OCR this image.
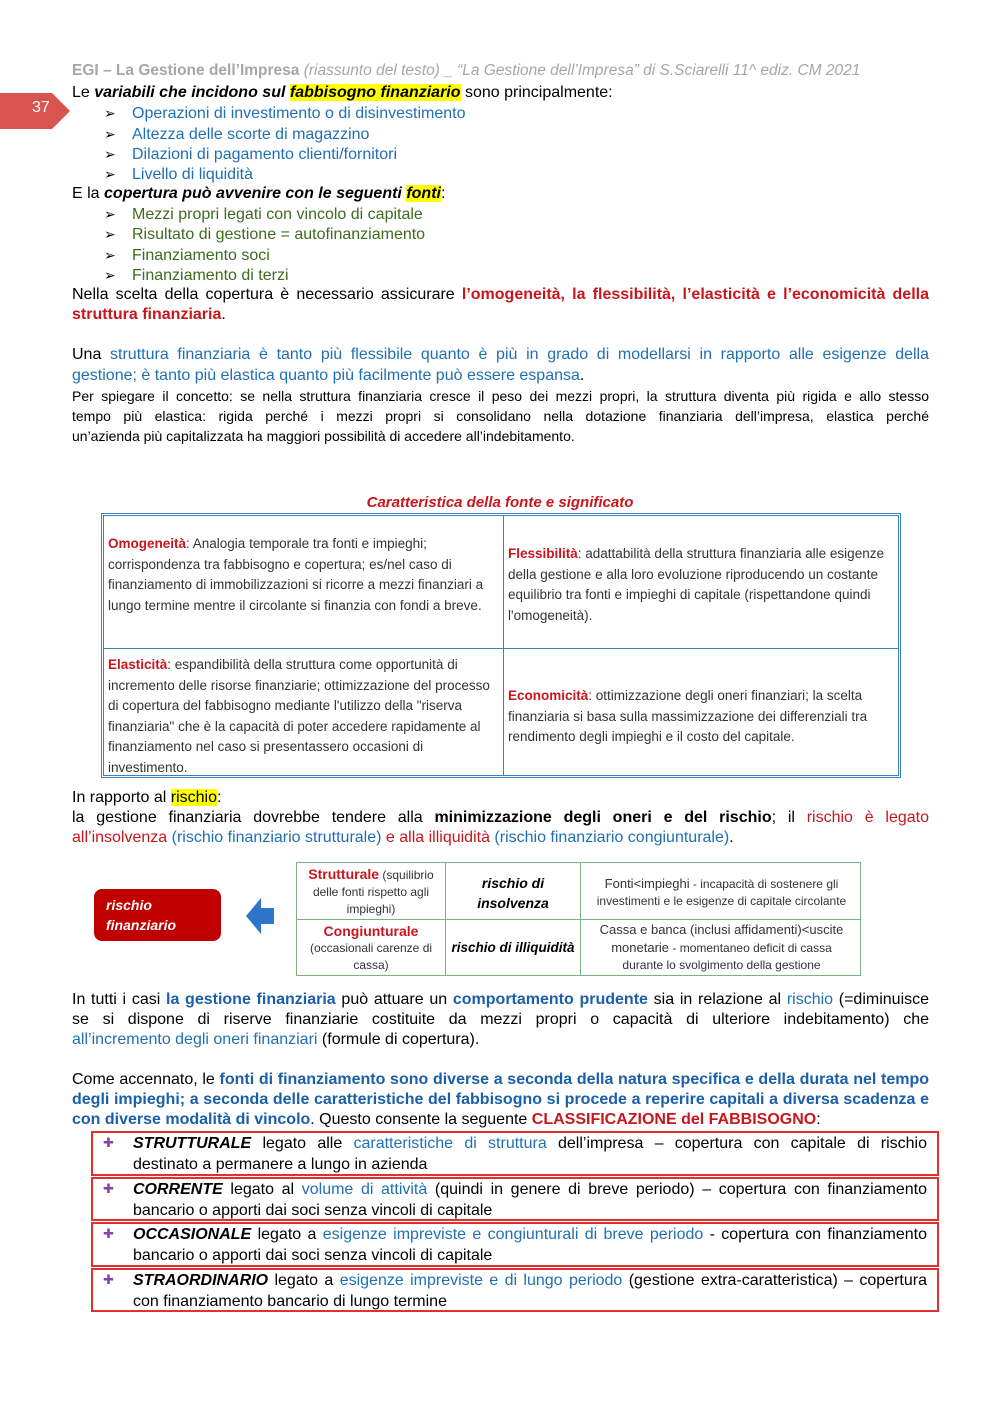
EGI – La Gestione dell’Impresa (riassunto del testo) _ “La Gestione dell’Impresa” di S.Sciarelli 11^ ediz. CM 2021
37
Le variabili che incidono sul fabbisogno finanziario sono principalmente:
➢ Operazioni di investimento o di disinvestimento
➢ Altezza delle scorte di magazzino
➢ Dilazioni di pagamento clienti/fornitori
➢ Livello di liquidità
E la copertura può avvenire con le seguenti fonti:
➢ Mezzi propri legati con vincolo di capitale
➢ Risultato di gestione = autofinanziamento
➢ Finanziamento soci
➢ Finanziamento di terzi
Nella scelta della copertura è necessario assicurare l’omogeneità, la flessibilità, l’elasticità e l’economicità della
struttura finanziaria.
Una struttura finanziaria è tanto più flessibile quanto è più in grado di modellarsi in rapporto alle esigenze della
gestione; è tanto più elastica quanto più facilmente può essere espansa.
Per spiegare il concetto: se nella struttura finanziaria cresce il peso dei mezzi propri, la struttura diventa più rigida e allo stesso
tempo più elastica: rigida perché i mezzi propri si consolidano nella dotazione finanziaria dell’impresa, elastica perché
un’azienda più capitalizzata ha maggiori possibilità di accedere all’indebitamento.
Caratteristica della fonte e significato
Omogeneità: Analogia temporale tra fonti e impieghi; corrispondenza tra fabbisogno e copertura; es/nel caso di finanziamento di immobilizzazioni si ricorre a mezzi finanziari a lungo termine mentre il circolante si finanzia con fondi a breve.
Flessibilità: adattabilità della struttura finanziaria alle esigenze della gestione e alla loro evoluzione riproducendo un costante equilibrio tra fonti e impieghi di capitale (rispettandone quindi l'omogeneità).
Elasticità: espandibilità della struttura come opportunità di incremento delle risorse finanziarie; ottimizzazione del processo di copertura del fabbisogno mediante l'utilizzo della "riserva finanziaria" che è la capacità di poter accedere rapidamente al finanziamento nel caso si presentassero occasioni di investimento.
Economicità: ottimizzazione degli oneri finanziari; la scelta finanziaria si basa sulla massimizzazione dei differenziali tra rendimento degli impieghi e il costo del capitale.
In rapporto al rischio:
la gestione finanziaria dovrebbe tendere alla minimizzazione degli oneri e del rischio; il rischio è legato
all’insolvenza (rischio finanziario strutturale) e alla illiquidità (rischio finanziario congiunturale).
rischio
finanziario
Strutturale (squilibrio delle fonti rispetto agli impieghi)
rischio di insolvenza
Fonti<impieghi - incapacità di sostenere gli investimenti e le esigenze di capitale circolante
Congiunturale
(occasionali carenze di cassa)
rischio di illiquidità
Cassa e banca (inclusi affidamenti)<uscite monetarie - momentaneo deficit di cassa durante lo svolgimento della gestione
In tutti i casi la gestione finanziaria può attuare un comportamento prudente sia in relazione al rischio (=diminuisce
se si dispone di riserve finanziarie costituite da mezzi propri o capacità di ulteriore indebitamento) che
all’incremento degli oneri finanziari (formule di copertura).
Come accennato, le fonti di finanziamento sono diverse a seconda della natura specifica e della durata nel tempo
degli impieghi; a seconda delle caratteristiche del fabbisogno si procede a reperire capitali a diversa scadenza e
con diverse modalità di vincolo. Questo consente la seguente CLASSIFICAZIONE del FABBISOGNO:
✚ STRUTTURALE legato alle caratteristiche di struttura dell’impresa – copertura con capitale di rischio
destinato a permanere a lungo in azienda
✚ CORRENTE legato al volume di attività (quindi in genere di breve periodo) – copertura con finanziamento
bancario o apporti dai soci senza vincoli di capitale
✚ OCCASIONALE legato a esigenze impreviste e congiunturali di breve periodo - copertura con finanziamento
bancario o apporti dai soci senza vincoli di capitale
✚ STRAORDINARIO legato a esigenze impreviste e di lungo periodo (gestione extra-caratteristica) – copertura
con finanziamento bancario di lungo termine
